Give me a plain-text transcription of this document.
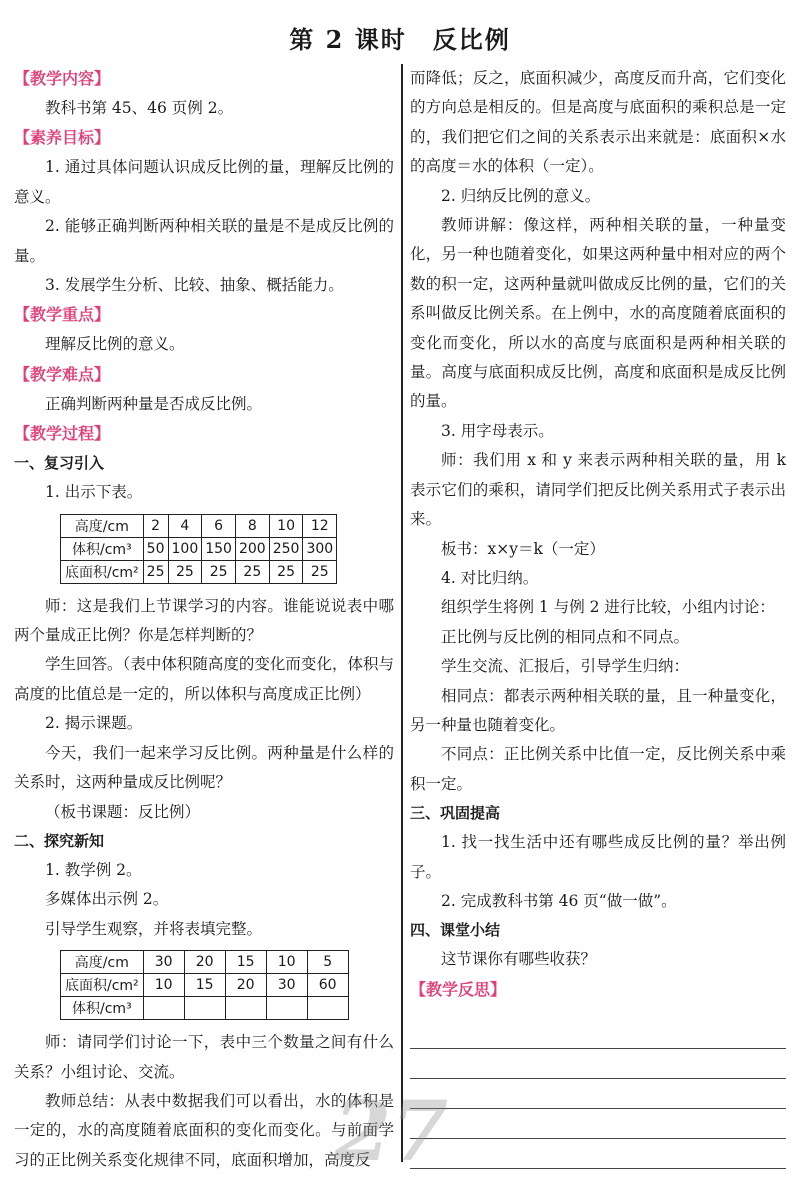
第 2 课时　反比例

【教学内容】

教科书第 45、46 页例 2。

【素养目标】

1. 通过具体问题认识成反比例的量，理解反比例的意义。

2. 能够正确判断两种相关联的量是不是成反比例的量。

3. 发展学生分析、比较、抽象、概括能力。

【教学重点】

理解反比例的意义。

【教学难点】

正确判断两种量是否成反比例。

【教学过程】

一、复习引入

1. 出示下表。

高度/cm	2	4	6	8	10	12
体积/cm³	50	100	150	200	250	300
底面积/cm²	25	25	25	25	25	25

师：这是我们上节课学习的内容。谁能说说表中哪两个量成正比例？你是怎样判断的？

学生回答。（表中体积随高度的变化而变化，体积与高度的比值总是一定的，所以体积与高度成正比例）

2. 揭示课题。

今天，我们一起来学习反比例。两种量是什么样的关系时，这两种量成反比例呢？

（板书课题：反比例）

二、探究新知

1. 教学例 2。

多媒体出示例 2。

引导学生观察，并将表填完整。

高度/cm	30	20	15	10	5
底面积/cm²	10	15	20	30	60
体积/cm³					

师：请同学们讨论一下，表中三个数量之间有什么关系？小组讨论、交流。

教师总结：从表中数据我们可以看出，水的体积是一定的，水的高度随着底面积的变化而变化。与前面学习的正比例关系变化规律不同，底面积增加，高度反

而降低；反之，底面积减少，高度反而升高，它们变化的方向总是相反的。但是高度与底面积的乘积总是一定的，我们把它们之间的关系表示出来就是：底面积×水的高度＝水的体积（一定）。

2. 归纳反比例的意义。

教师讲解：像这样，两种相关联的量，一种量变化，另一种也随着变化，如果这两种量中相对应的两个数的积一定，这两种量就叫做成反比例的量，它们的关系叫做反比例关系。在上例中，水的高度随着底面积的变化而变化，所以水的高度与底面积是两种相关联的量。高度与底面积成反比例，高度和底面积是成反比例的量。

3. 用字母表示。

师：我们用 x 和 y 来表示两种相关联的量，用 k 表示它们的乘积，请同学们把反比例关系用式子表示出来。

板书：x×y＝k（一定）

4. 对比归纳。

组织学生将例 1 与例 2 进行比较，小组内讨论：

正比例与反比例的相同点和不同点。

学生交流、汇报后，引导学生归纳：

相同点：都表示两种相关联的量，且一种量变化，另一种量也随着变化。

不同点：正比例关系中比值一定，反比例关系中乘积一定。

三、巩固提高

1. 找一找生活中还有哪些成反比例的量？举出例子。

2. 完成教科书第 46 页“做一做”。

四、课堂小结

这节课你有哪些收获？

【教学反思】

27
